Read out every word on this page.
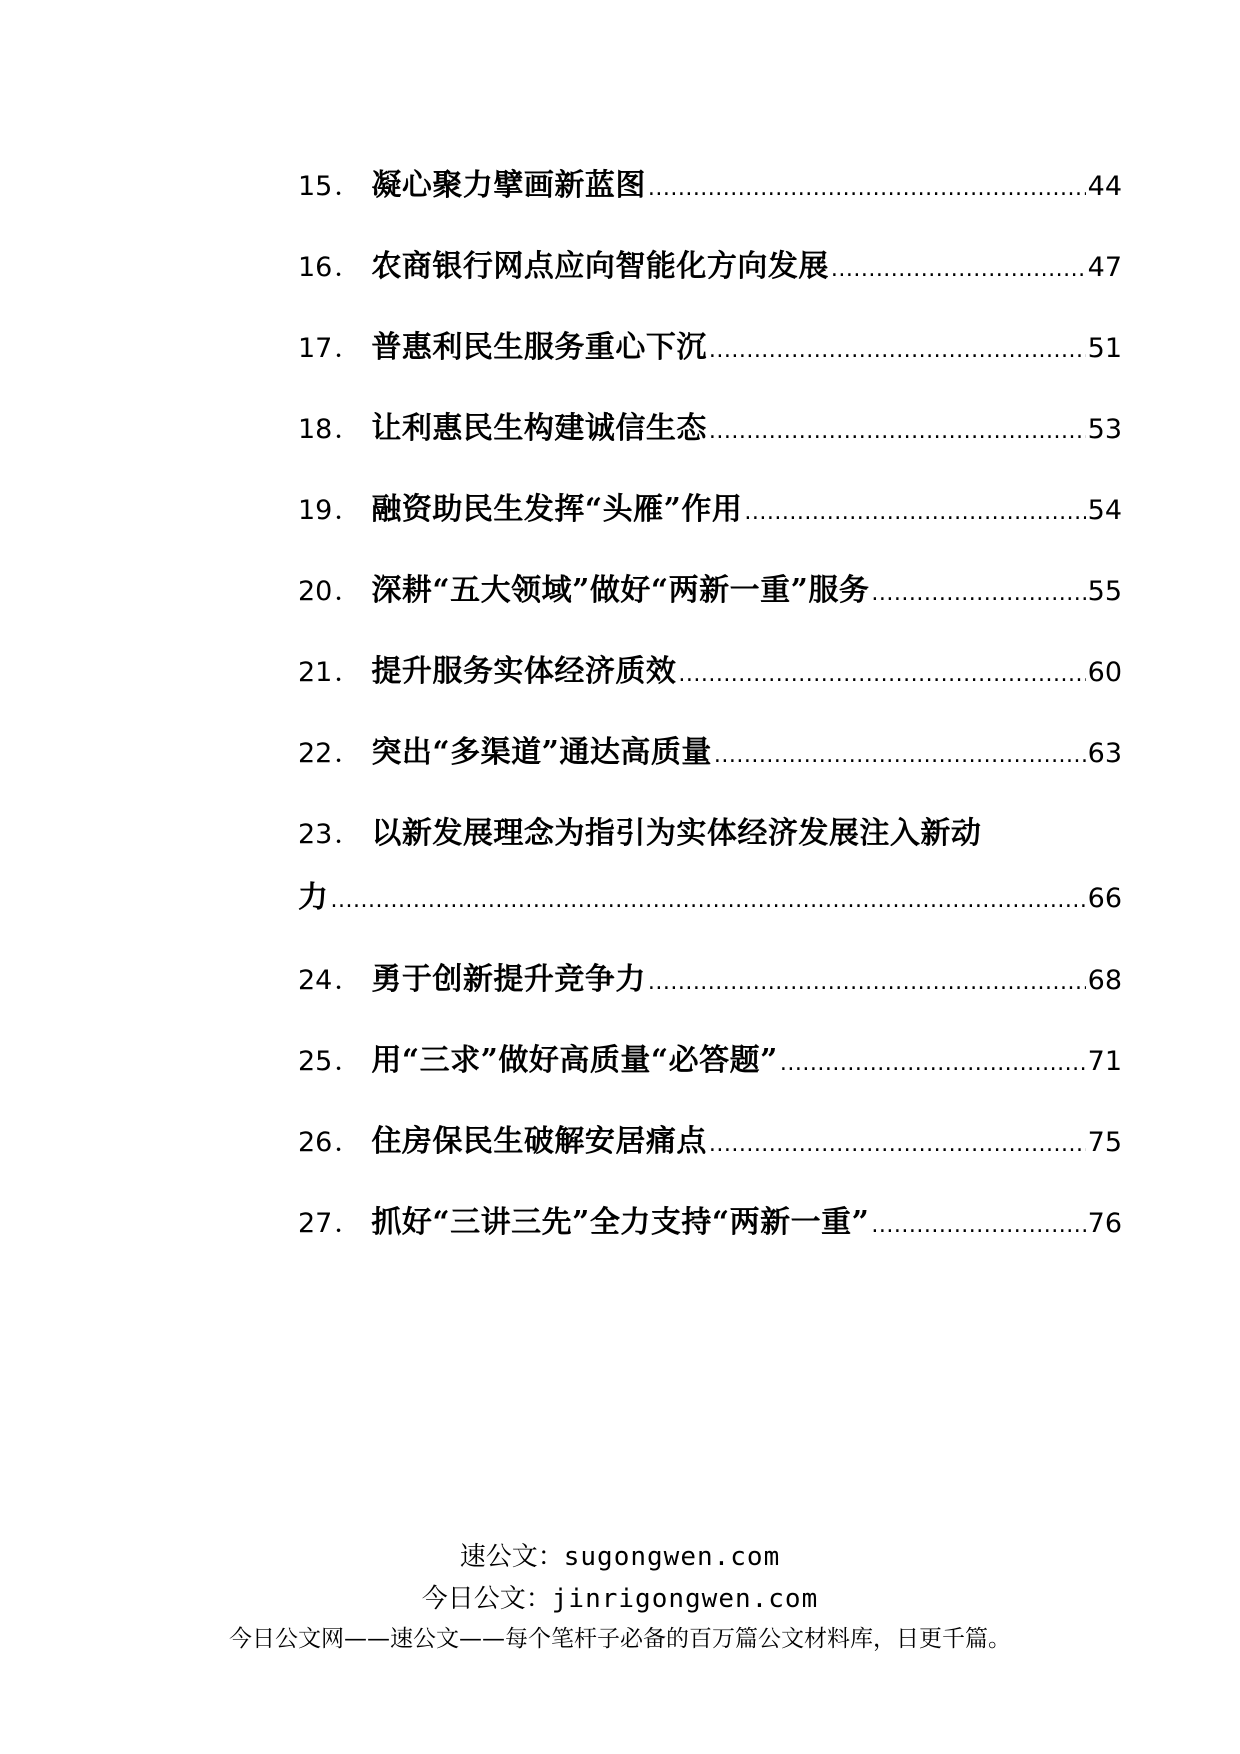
15 ． 凝心聚力擘画新蓝图 .....	44
16 ． 农商银行网点应向智能化方向发展 .....	47
17 ． 普惠利民生服务重心下沉 .....	51
18 ． 让利惠民生构建诚信生态 .....	53
19 ． 融资助民生发挥“头雁”作用 .....	54
20 ． 深耕“五大领域”做好“两新一重”服务 .....	55
21 ． 提升服务实体经济质效 .....	60
22 ． 突出“多渠道”通达高质量 .....	63
23 ． 以新发展理念为指引为实体经济发展注入新动
力 .....	66
24 ． 勇于创新提升竞争力 .....	68
25 ． 用“三求”做好高质量“必答题” .....	71
26 ． 住房保民生破解安居痛点 .....	75
27 ． 抓好“三讲三先”全力支持“两新一重” .....	76
速公文：sugongwen.com
今日公文：jinrigongwen.com
今日公文网——速公文——每个笔杆子必备的百万篇公文材料库，日更千篇。
